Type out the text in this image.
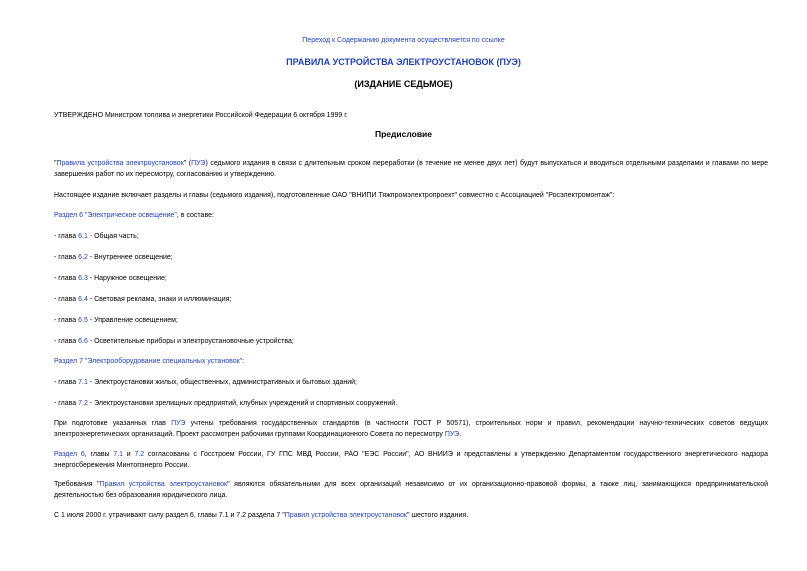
Переход к Содержанию документа осуществляется по ссылке
ПРАВИЛА УСТРОЙСТВА ЭЛЕКТРОУСТАНОВОК (ПУЭ)
(ИЗДАНИЕ СЕДЬМОЕ)
УТВЕРЖДЕНО Министром топлива и энергетики Российской Федерации 6 октября 1999 г.
Предисловие
"Правила устройства электроустановок" (ПУЭ) седьмого издания в связи с длительным сроком переработки (в течение не менее двух лет) будут выпускаться и вводиться отдельными разделами и главами по мере завершения работ по их пересмотру, согласованию и утверждению.
Настоящее издание включает разделы и главы (седьмого издания), подготовленные ОАО "ВНИПИ Тяжпромэлектропроект" совместно с Ассоциацией "Росэлектромонтаж":
Раздел 6 "Электрическое освещение", в составе:
- глава 6.1 - Общая часть;
- глава 6.2 - Внутреннее освещение;
- глава 6.3 - Наружное освещение;
- глава 6.4 - Световая реклама, знаки и иллюминация;
- глава 6.5 - Управление освещением;
- глава 6.6 - Осветительные приборы и электроустановочные устройства;
Раздел 7 "Электрооборудование специальных установок":
- глава 7.1 - Электроустановки жилых, общественных, административных и бытовых зданий;
- глава 7.2 - Электроустановки зрелищных предприятий, клубных учреждений и спортивных сооружений.
При подготовке указанных глав ПУЭ учтены требования государственных стандартов (в частности ГОСТ Р 50571), строительных норм и правил, рекомендации научно-технических советов ведущих электроэнергетических организаций. Проект рассмотрен рабочими группами Координационного Совета по пересмотру ПУЭ.
Раздел 6, главы 7.1 и 7.2 согласованы с Госстроем России, ГУ ГПС МВД России, РАО "ЕЭС России", АО ВНИИЭ и представлены к утверждению Департаментом государственного энергетического надзора энергосбережения Минтопэнерго России.
Требования "Правил устройства электроустановок" являются обязательными для всех организаций независимо от их организационно-правовой формы, а также лиц, занимающихся предпринимательской деятельностью без образования юридического лица.
С 1 июля 2000 г. утрачивают силу раздел 6, главы 7.1 и 7.2 раздела 7 "Правил устройства электроустановок" шестого издания.
